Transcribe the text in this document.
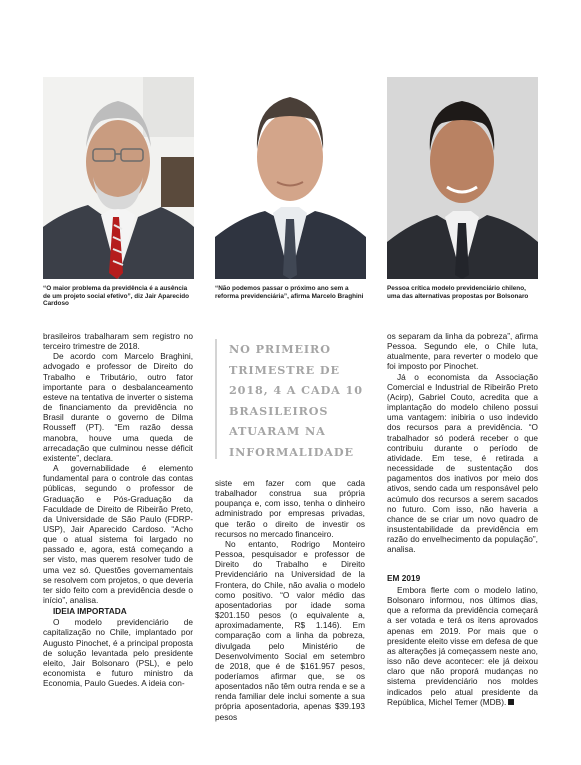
“O maior problema da previdência é a ausência de um projeto social efetivo”, diz Jair Aparecido Cardoso
“Não podemos passar o próximo ano sem a reforma previdenciária”, afirma Marcelo Braghini
Pessoa crítica modelo previdenciário chileno, uma das alternativas propostas por Bolsonaro

brasileiros trabalharam sem registro no terceiro trimestre de 2018.

De acordo com Marcelo Braghini, advogado e professor de Direito do Trabalho e Tributário, outro fator importante para o desbalanceamento esteve na tentativa de inverter o sistema de financiamento da previdência no Brasil durante o governo de Dilma Rousseff (PT). “Em razão dessa manobra, houve uma queda de arrecadação que culminou nesse déficit existente”, declara.

A governabilidade é elemento fundamental para o controle das contas públicas, segundo o professor de Graduação e Pós-Graduação da Faculdade de Direito de Ribeirão Preto, da Universidade de São Paulo (FDRP-USP), Jair Aparecido Cardoso. “Acho que o atual sistema foi largado no passado e, agora, está começando a ser visto, mas querem resolver tudo de uma vez só. Questões governamentais se resolvem com projetos, o que deveria ter sido feito com a previdência desde o início”, analisa.

IDEIA IMPORTADA

O modelo previdenciário de capitalização no Chile, implantado por Augusto Pinochet, é a principal proposta de solução levantada pelo presidente eleito, Jair Bolsonaro (PSL), e pelo economista e futuro ministro da Economia, Paulo Guedes. A ideia con-

NO PRIMEIRO TRIMESTRE DE 2018, 4 A CADA 10 BRASILEIROS ATUARAM NA INFORMALIDADE

siste em fazer com que cada trabalhador construa sua própria poupança e, com isso, tenha o dinheiro administrado por empresas privadas, que terão o direito de investir os recursos no mercado financeiro.

No entanto, Rodrigo Monteiro Pessoa, pesquisador e professor de Direito do Trabalho e Direito Previdenciário na Universidad de la Frontera, do Chile, não avalia o modelo como positivo. “O valor médio das aposentadorias por idade soma $201.150 pesos (o equivalente a, aproximadamente, R$ 1.146). Em comparação com a linha da pobreza, divulgada pelo Ministério de Desenvolvimento Social em setembro de 2018, que é de $161.957 pesos, poderíamos afirmar que, se os aposentados não têm outra renda e se a renda familiar dele inclui somente a sua própria aposentadoria, apenas $39.193 pesos

os separam da linha da pobreza”, afirma Pessoa. Segundo ele, o Chile luta, atualmente, para reverter o modelo que foi imposto por Pinochet.

Já o economista da Associação Comercial e Industrial de Ribeirão Preto (Acirp), Gabriel Couto, acredita que a implantação do modelo chileno possui uma vantagem: inibiria o uso indevido dos recursos para a previdência. “O trabalhador só poderá receber o que contribuiu durante o período de atividade. Em tese, é retirada a necessidade de sustentação dos pagamentos dos inativos por meio dos ativos, sendo cada um responsável pelo acúmulo dos recursos a serem sacados no futuro. Com isso, não haveria a chance de se criar um novo quadro de insustentabilidade da previdência em razão do envelhecimento da população”, analisa.

EM 2019

Embora flerte com o modelo latino, Bolsonaro informou, nos últimos dias, que a reforma da previdência começará a ser votada e terá os itens aprovados apenas em 2019. Por mais que o presidente eleito visse em defesa de que as alterações já começassem neste ano, isso não deve acontecer: ele já deixou claro que não proporá mudanças no sistema previdenciário nos moldes indicados pelo atual presidente da República, Michel Temer (MDB).
